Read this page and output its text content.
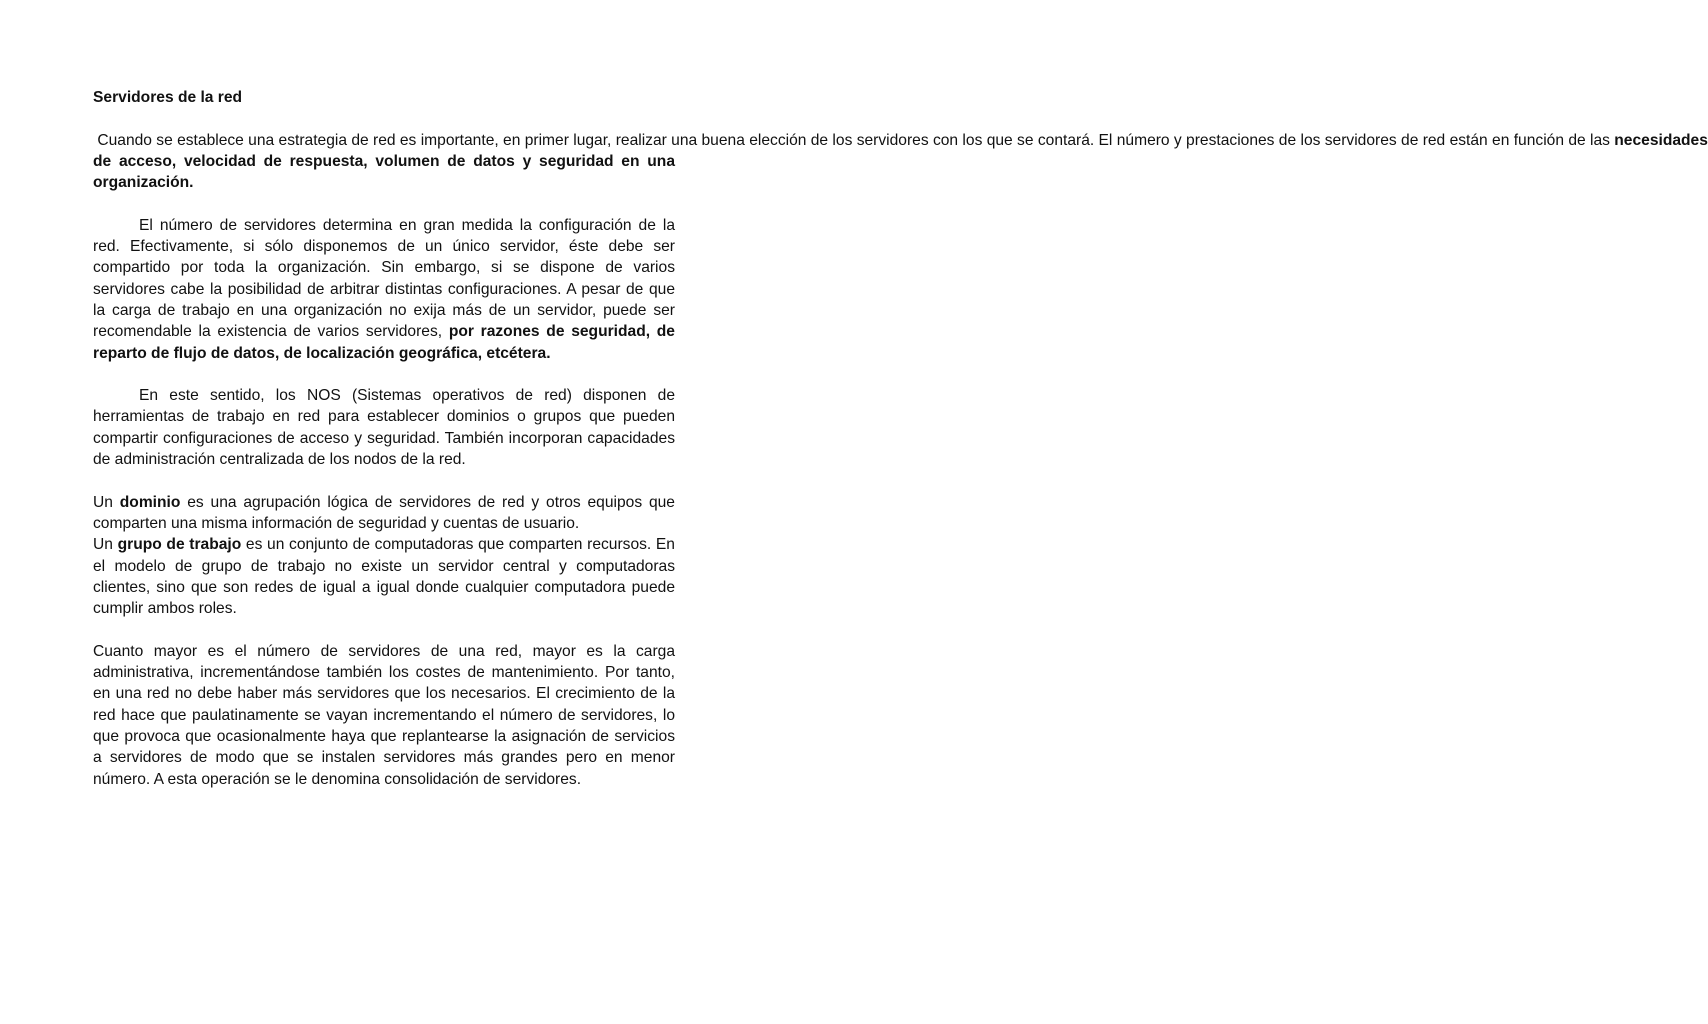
Servidores de la red

Cuando se establece una estrategia de red es importante, en primer lugar, realizar una buena elección de los servidores con los que se contará. El número y prestaciones de los servidores de red están en función de las necesidades de acceso, velocidad de respuesta, volumen de datos y seguridad en una organización.

El número de servidores determina en gran medida la configuración de la red. Efectivamente, si sólo disponemos de un único servidor, éste debe ser compartido por toda la organización. Sin embargo, si se dispone de varios servidores cabe la posibilidad de arbitrar distintas configuraciones. A pesar de que la carga de trabajo en una organización no exija más de un servidor, puede ser recomendable la existencia de varios servidores, por razones de seguridad, de reparto de flujo de datos, de localización geográfica, etcétera.

En este sentido, los NOS (Sistemas operativos de red) disponen de herramientas de trabajo en red para establecer dominios o grupos que pueden compartir configuraciones de acceso y seguridad. También incorporan capacidades de administración centralizada de los nodos de la red.

Un dominio es una agrupación lógica de servidores de red y otros equipos que comparten una misma información de seguridad y cuentas de usuario.

Un grupo de trabajo es un conjunto de computadoras que comparten recursos. En el modelo de grupo de trabajo no existe un servidor central y computadoras clientes, sino que son redes de igual a igual donde cualquier computadora puede cumplir ambos roles.

Cuanto mayor es el número de servidores de una red, mayor es la carga administrativa, incrementándose también los costes de mantenimiento. Por tanto, en una red no debe haber más servidores que los necesarios. El crecimiento de la red hace que paulatinamente se vayan incrementando el número de servidores, lo que provoca que ocasionalmente haya que replantearse la asignación de servicios a servidores de modo que se instalen servidores más grandes pero en menor número. A esta operación se le denomina consolidación de servidores.
